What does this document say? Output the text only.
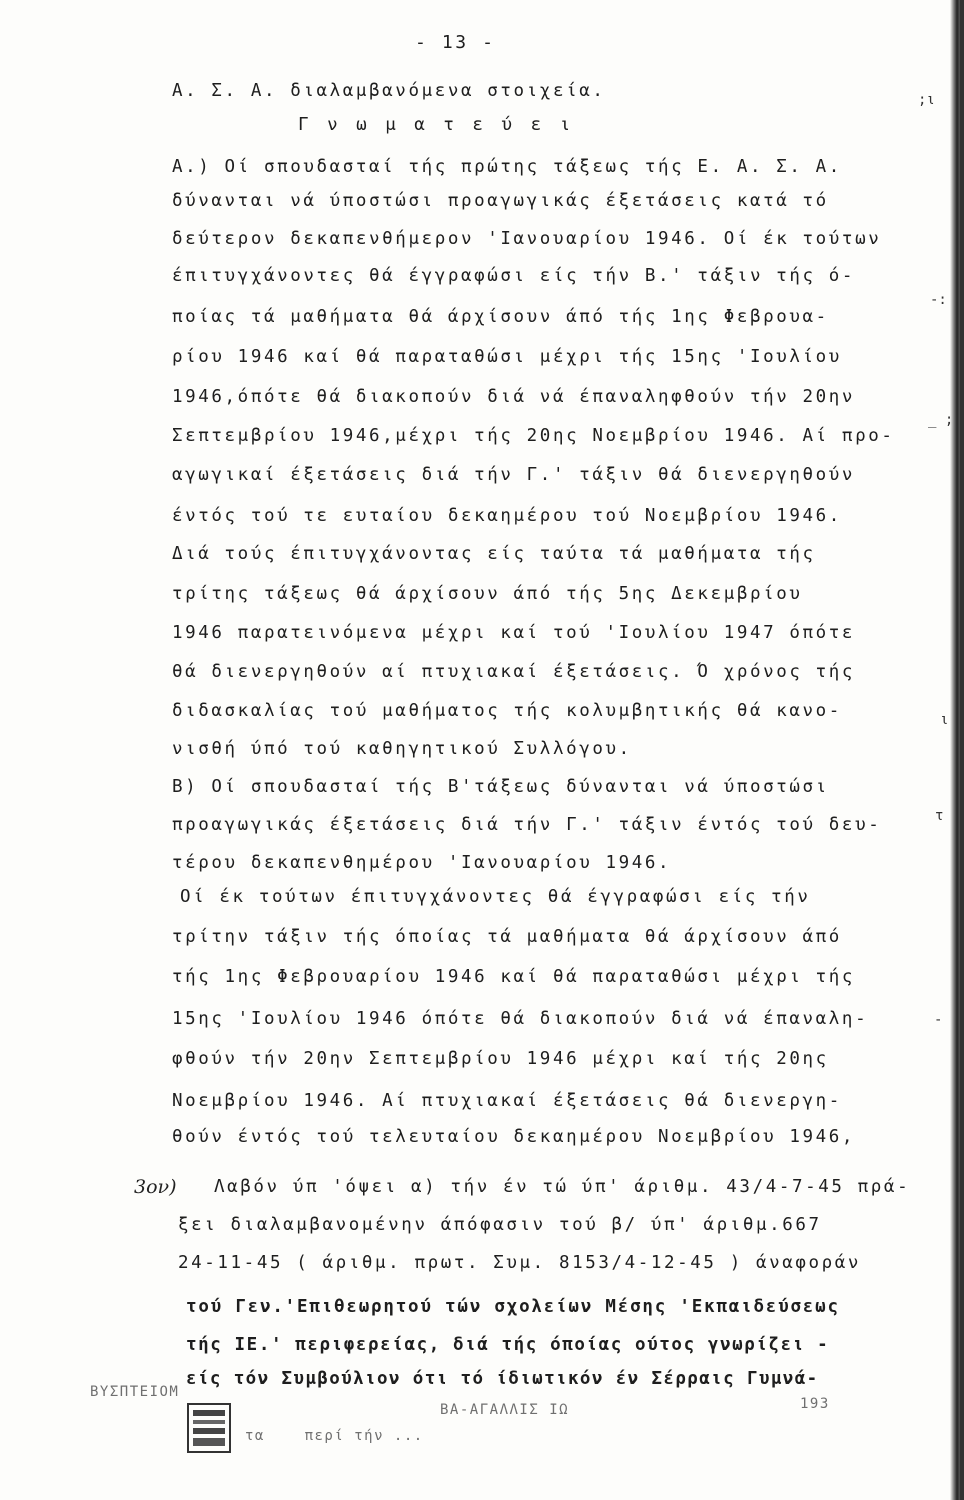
- 13 -
Α. Σ. Α. διαλαμβανόμενα στοιχεία.
Γ ν ω μ α τ ε ύ ε ι
;ι
-:
_ ;
ι
τ
-
Α.) Οί σπουδασταί τής πρώτης τάξεως τής Ε. Α. Σ. Α.
δύνανται νά ύποστώσι προαγωγικάς έξετάσεις κατά τό
δεύτερον δεκαπενθήμερον 'Ιανουαρίου 1946. Οί έκ τούτων
έπιτυγχάνοντες θά έγγραφώσι είς τήν Β.' τάξιν τής ό-
ποίας τά μαθήματα θά άρχίσουν άπό τής 1ης Φεβρουα-
ρίου 1946 καί θά παραταθώσι μέχρι τής 15ης 'Ιουλίου
1946,όπότε θά διακοπούν διά νά έπαναληφθούν τήν 20ην
Σεπτεμβρίου 1946,μέχρι τής 20ης Νοεμβρίου 1946. Αί προ-
αγωγικαί έξετάσεις διά τήν Γ.' τάξιν θά διενεργηθούν
έντός τού τε ευταίου δεκαημέρου τού Νοεμβρίου 1946.
Διά τούς έπιτυγχάνοντας είς ταύτα τά μαθήματα τής
τρίτης τάξεως θά άρχίσουν άπό τής 5ης Δεκεμβρίου
1946 παρατεινόμενα μέχρι καί τού 'Ιουλίου 1947 όπότε
θά διενεργηθούν αί πτυχιακαί έξετάσεις. Ό χρόνος τής
διδασκαλίας τού μαθήματος τής κολυμβητικής θά κανο-
νισθή ύπό τού καθηγητικού Συλλόγου.
Β) Οί σπουδασταί τής Β'τάξεως δύνανται νά ύποστώσι
προαγωγικάς έξετάσεις διά τήν Γ.' τάξιν έντός τού δευ-
τέρου δεκαπενθημέρου 'Ιανουαρίου 1946.
Οί έκ τούτων έπιτυγχάνοντες θά έγγραφώσι είς τήν
τρίτην τάξιν τής όποίας τά μαθήματα θά άρχίσουν άπό
τής 1ης Φεβρουαρίου 1946 καί θά παραταθώσι μέχρι τής
15ης 'Ιουλίου 1946 όπότε θά διακοπούν διά νά έπαναλη-
φθούν τήν 20ην Σεπτεμβρίου 1946 μέχρι καί τής 20ης
Νοεμβρίου 1946. Αί πτυχιακαί έξετάσεις θά διενεργη-
θούν έντός τού τελευταίου δεκαημέρου Νοεμβρίου 1946,
3ον) Λαβόν ύπ 'όψει α) τήν έν τώ ύπ' άριθμ. 43/4-7-45 πρά-
ξει διαλαμβανομένην άπόφασιν τού β/ ύπ' άριθμ.667
24-11-45 ( άριθμ. πρωτ. Συμ. 8153/4-12-45 ) άναφοράν
τού Γεν.'Επιθεωρητού τών σχολείων Μέσης 'Εκπαιδεύσεως
τής ΙΕ.' περιφερείας, διά τής όποίας ούτος γνωρίζει -
είς τόν Συμβούλιον ότι τό ίδιωτικόν έν Σέρραις Γυμνά-
ΒΥΣΠΤΕΙΟΜ
ΒΑ-ΑΓΑΛΛΙΣ ΙΩ	193
τα    περί τήν ...
